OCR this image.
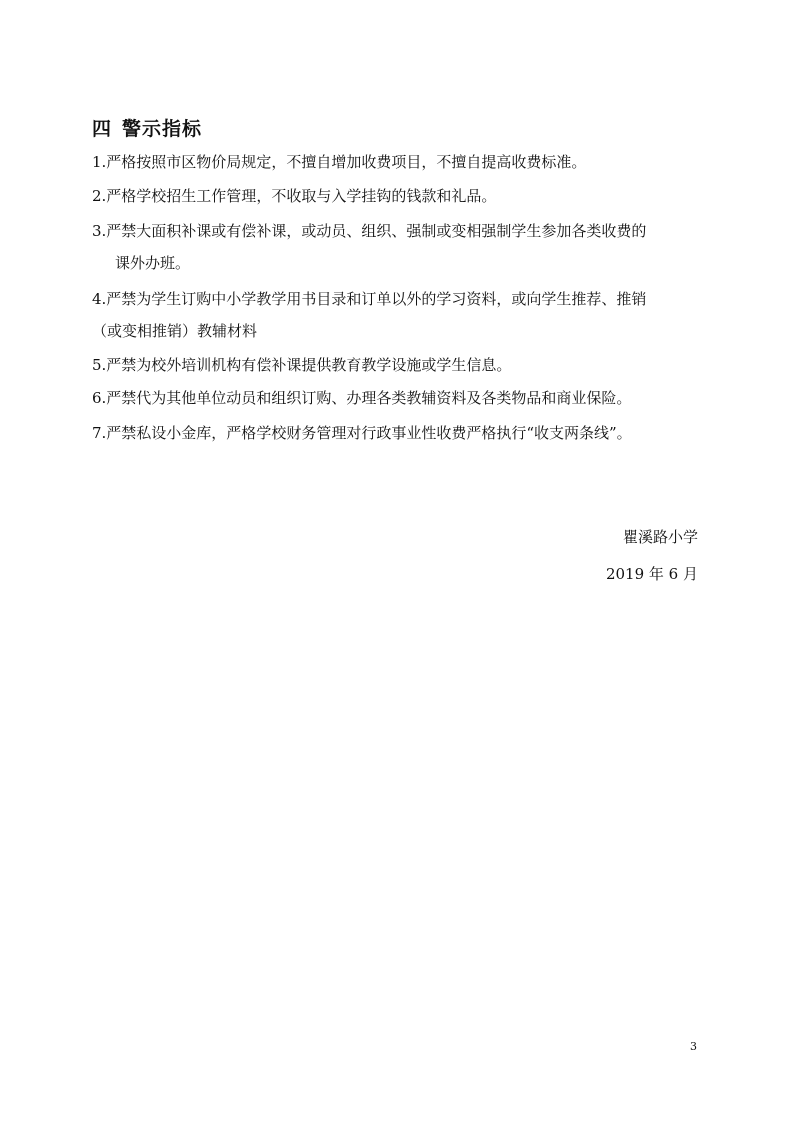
四 警示指标
1.严格按照市区物价局规定，不擅自增加收费项目，不擅自提高收费标准。
2.严格学校招生工作管理，不收取与入学挂钩的钱款和礼品。
3.严禁大面积补课或有偿补课，或动员、组织、强制或变相强制学生参加各类收费的
课外办班。
4.严禁为学生订购中小学教学用书目录和订单以外的学习资料，或向学生推荐、推销
（或变相推销）教辅材料
5.严禁为校外培训机构有偿补课提供教育教学设施或学生信息。
6.严禁代为其他单位动员和组织订购、办理各类教辅资料及各类物品和商业保险。
7.严禁私设小金库，严格学校财务管理对行政事业性收费严格执行“收支两条线”。
瞿溪路小学
2019 年 6 月
3
